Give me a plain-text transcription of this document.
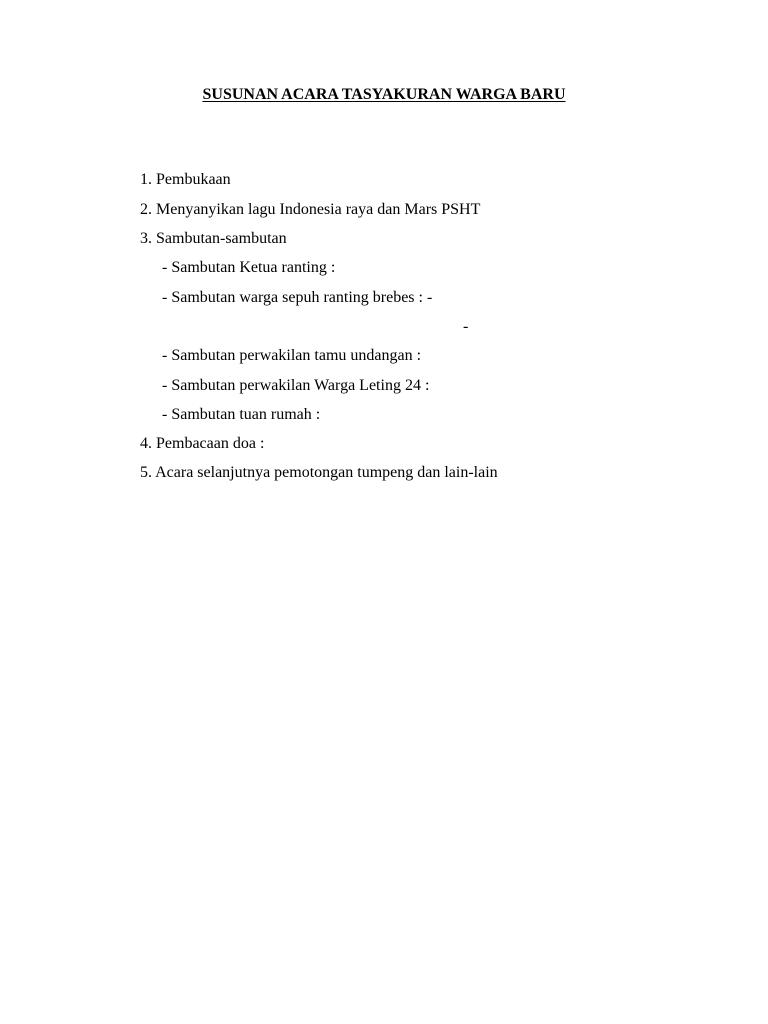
SUSUNAN ACARA TASYAKURAN WARGA BARU
1. Pembukaan
2. Menyanyikan lagu Indonesia raya dan Mars PSHT
3. Sambutan-sambutan
- Sambutan Ketua ranting :
- Sambutan warga sepuh ranting brebes : -
-
- Sambutan perwakilan tamu undangan :
- Sambutan perwakilan Warga Leting 24 :
- Sambutan tuan rumah :
4. Pembacaan doa :
5. Acara selanjutnya pemotongan tumpeng dan lain-lain
